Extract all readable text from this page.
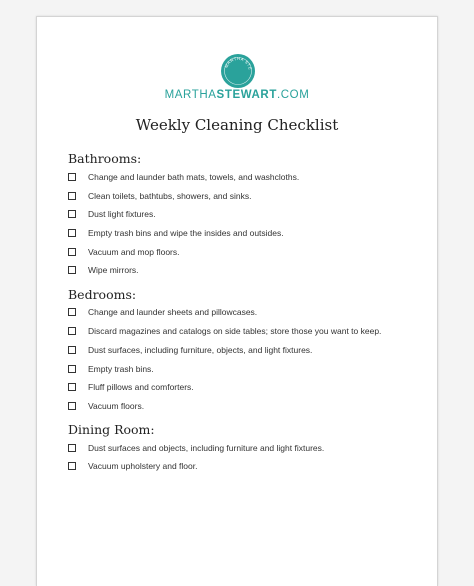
MARTHA STE
MARTHASTEWART.COM
Weekly Cleaning Checklist
Bathrooms:
Change and launder bath mats, towels, and washcloths.
Clean toilets, bathtubs, showers, and sinks.
Dust light fixtures.
Empty trash bins and wipe the insides and outsides.
Vacuum and mop floors.
Wipe mirrors.
Bedrooms:
Change and launder sheets and pillowcases.
Discard magazines and catalogs on side tables; store those you want to keep.
Dust surfaces, including furniture, objects, and light fixtures.
Empty trash bins.
Fluff pillows and comforters.
Vacuum floors.
Dining Room:
Dust surfaces and objects, including furniture and light fixtures.
Vacuum upholstery and floor.
